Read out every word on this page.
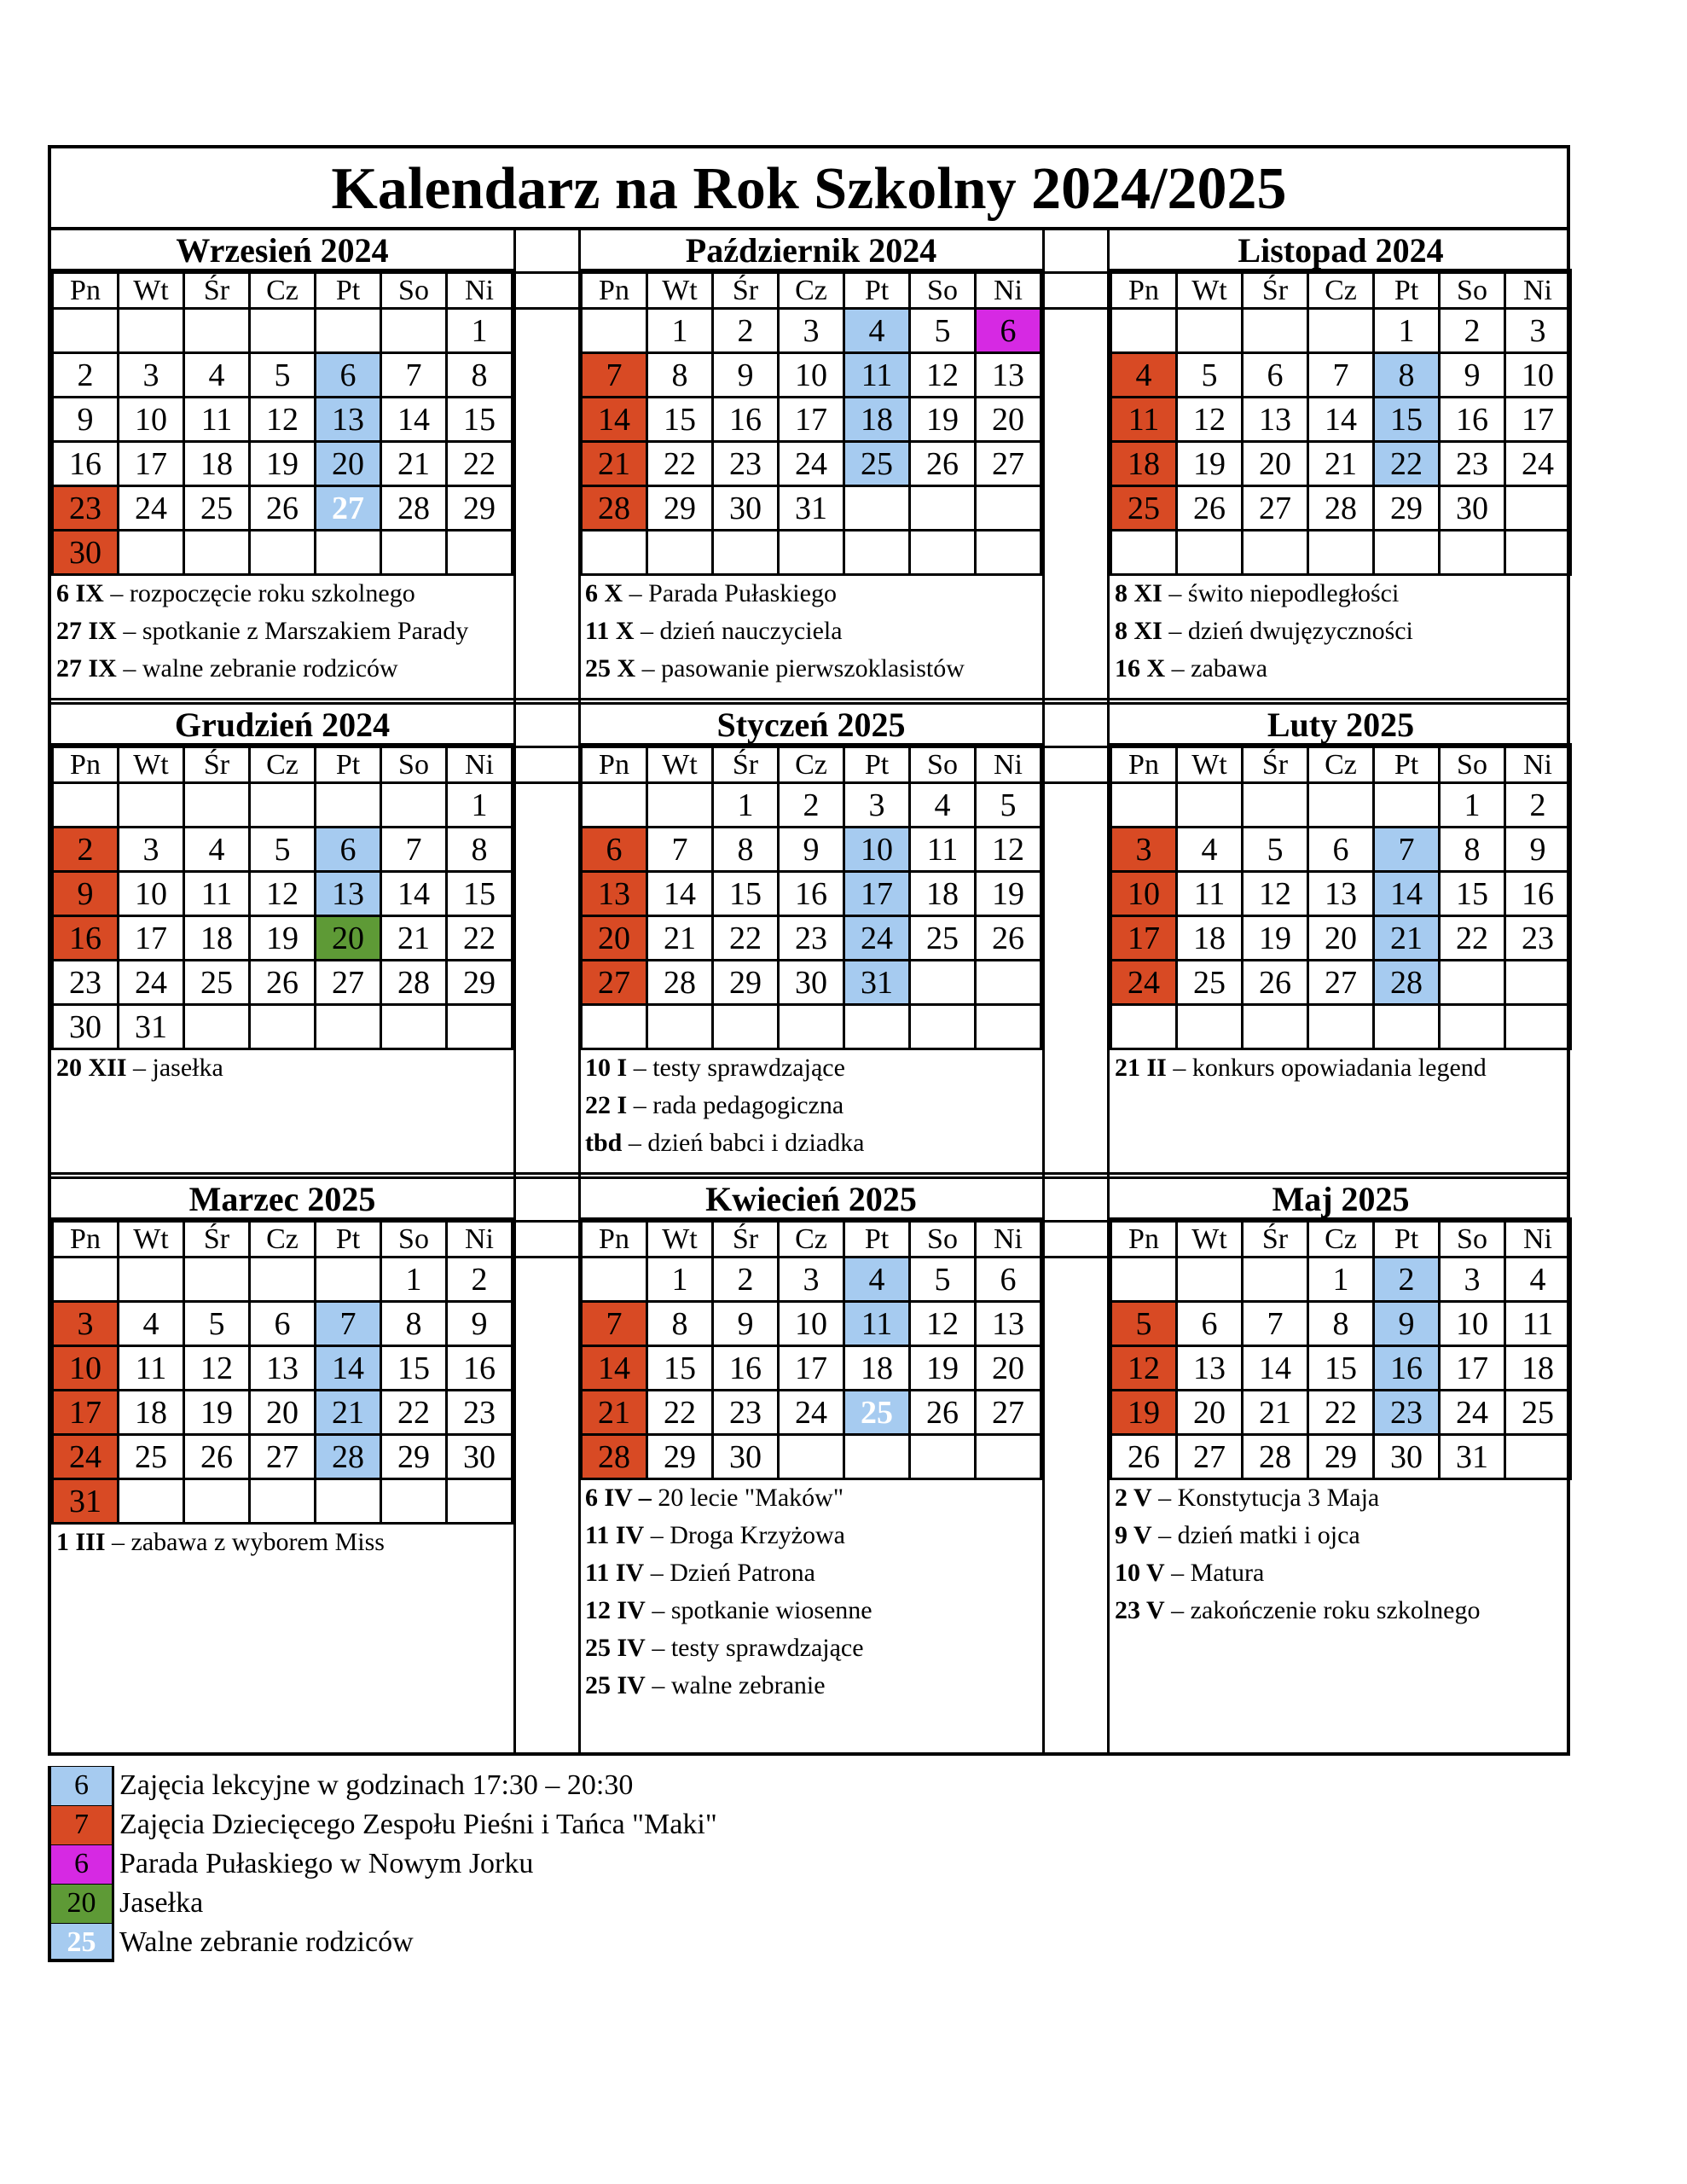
Kalendarz na Rok Szkolny 2024/2025
Wrzesień 2024
Pn	Wt	Śr	Cz	Pt	So	Ni
						1
2	3	4	5	6	7	8
9	10	11	12	13	14	15
16	17	18	19	20	21	22
23	24	25	26	27	28	29
30						
6 IX – rozpoczęcie roku szkolnego
27 IX – spotkanie z Marszakiem Parady
27 IX – walne zebranie rodziców
Październik 2024
Pn	Wt	Śr	Cz	Pt	So	Ni
	1	2	3	4	5	6
7	8	9	10	11	12	13
14	15	16	17	18	19	20
21	22	23	24	25	26	27
28	29	30	31			

6 X – Parada Pułaskiego
11 X – dzień nauczyciela
25 X – pasowanie pierwszoklasistów
Listopad 2024
Pn	Wt	Śr	Cz	Pt	So	Ni
				1	2	3
4	5	6	7	8	9	10
11	12	13	14	15	16	17
18	19	20	21	22	23	24
25	26	27	28	29	30	

8 XI – świto niepodległości
8 XI – dzień dwujęzyczności
16 X – zabawa
Grudzień 2024
Pn	Wt	Śr	Cz	Pt	So	Ni
						1
2	3	4	5	6	7	8
9	10	11	12	13	14	15
16	17	18	19	20	21	22
23	24	25	26	27	28	29
30	31					
20 XII – jasełka
Styczeń 2025
Pn	Wt	Śr	Cz	Pt	So	Ni
		1	2	3	4	5
6	7	8	9	10	11	12
13	14	15	16	17	18	19
20	21	22	23	24	25	26
27	28	29	30	31		

10 I – testy sprawdzające
22 I – rada pedagogiczna
tbd – dzień babci i dziadka
Luty 2025
Pn	Wt	Śr	Cz	Pt	So	Ni
					1	2
3	4	5	6	7	8	9
10	11	12	13	14	15	16
17	18	19	20	21	22	23
24	25	26	27	28		

21 II – konkurs opowiadania legend
Marzec 2025
Pn	Wt	Śr	Cz	Pt	So	Ni
					1	2
3	4	5	6	7	8	9
10	11	12	13	14	15	16
17	18	19	20	21	22	23
24	25	26	27	28	29	30
31						
1 III – zabawa z wyborem Miss
Kwiecień 2025
Pn	Wt	Śr	Cz	Pt	So	Ni
	1	2	3	4	5	6
7	8	9	10	11	12	13
14	15	16	17	18	19	20
21	22	23	24	25	26	27
28	29	30				
6 IV – 20 lecie "Maków"
11 IV – Droga Krzyżowa
11 IV – Dzień Patrona
12 IV – spotkanie wiosenne
25 IV – testy sprawdzające
25 IV – walne zebranie
Maj 2025
Pn	Wt	Śr	Cz	Pt	So	Ni
			1	2	3	4
5	6	7	8	9	10	11
12	13	14	15	16	17	18
19	20	21	22	23	24	25
26	27	28	29	30	31	
2 V – Konstytucja 3 Maja
9 V – dzień matki i ojca
10 V – Matura
23 V – zakończenie roku szkolnego
6	Zajęcia lekcyjne w godzinach 17:30 – 20:30
7	Zajęcia Dziecięcego Zespołu Pieśni i Tańca "Maki"
6	Parada Pułaskiego w Nowym Jorku
20 Jasełka
25 Walne zebranie rodziców
